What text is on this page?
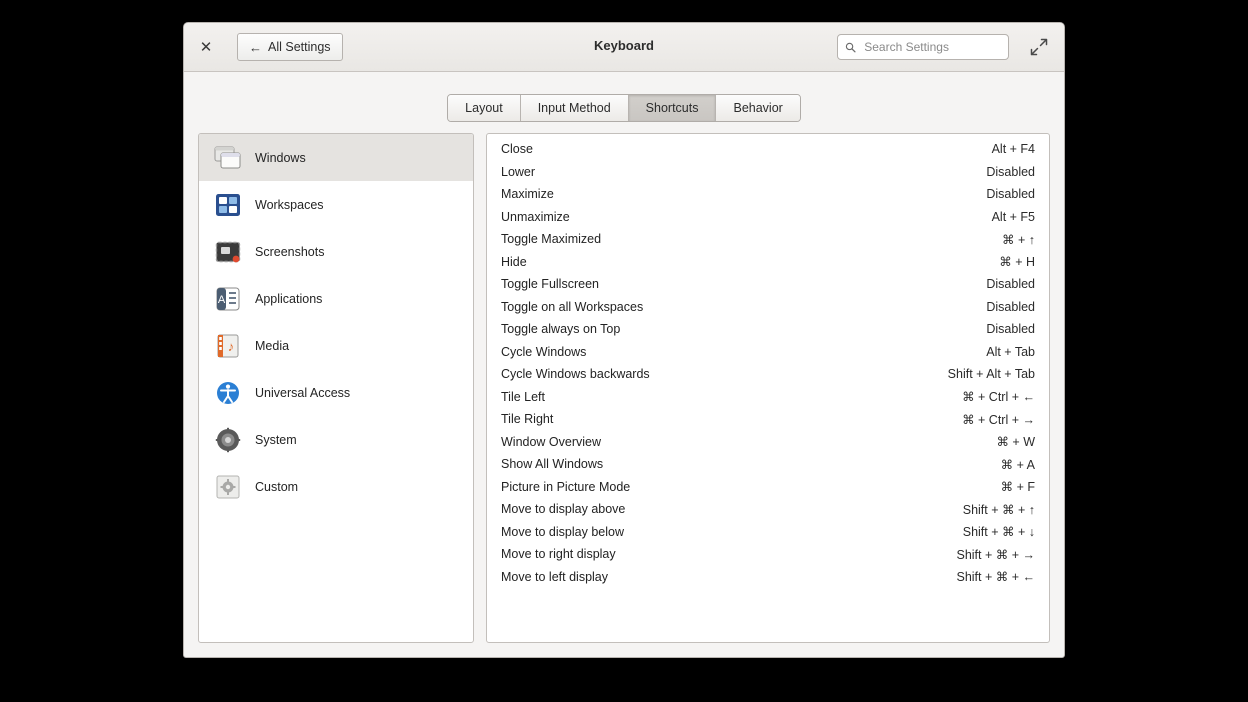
✕	← All Settings	Keyboard
Search Settings
Layout	Input Method	Shortcuts	Behavior
Windows
Workspaces
Screenshots
A Applications
♪ Media
Universal Access
System
Custom
Close	Alt + F4
Lower	Disabled
Maximize	Disabled
Unmaximize	Alt + F5
Toggle Maximized	⌘ + ↑
Hide	⌘ + H
Toggle Fullscreen	Disabled
Toggle on all Workspaces	Disabled
Toggle always on Top	Disabled
Cycle Windows	Alt + Tab
Cycle Windows backwards	Shift + Alt + Tab
Tile Left	⌘ + Ctrl + ←
Tile Right	⌘ + Ctrl + →
Window Overview	⌘ + W
Show All Windows	⌘ + A
Picture in Picture Mode	⌘ + F
Move to display above	Shift + ⌘ + ↑
Move to display below	Shift + ⌘ + ↓
Move to right display	Shift + ⌘ + →
Move to left display	Shift + ⌘ + ←
